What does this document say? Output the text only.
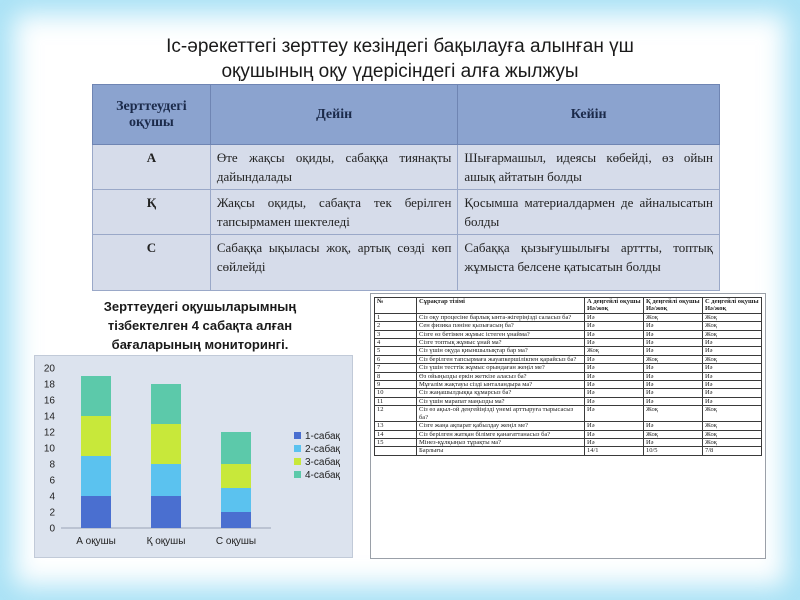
Іс-әрекеттегі зерттеу кезіндегі бақылауға алынған үш
оқушының оқу үдерісіндегі алға жылжуы
Зерттеудегі оқушы	Дейін	Кейін
А	Өте жақсы оқиды, сабаққа тиянақты дайындалады	Шығармашыл, идеясы көбейді, өз ойын ашық айтатын болды
Қ	Жақсы оқиды, сабақта тек берілген тапсырмамен шектеледі	Қосымша материалдармен де айналысатын болды
С	Сабаққа ықыласы жоқ, артық сөзді көп сөйлейді	Сабаққа қызығушылығы арттты, топтық жұмыста белсене қатысатын болды
Зерттеудегі оқушыларымның
тізбектелген 4 сабақта алған
бағаларының мониторингі.
0
2
4
6
8
10
12
14
16
18
20
А оқушы	Қ оқушы	С оқушы
1-сабақ
2-сабақ
3-сабақ
4-сабақ
№	Сұрақтар тізімі	А деңгейлі оқушы Иә/жоқ	Қ деңгейлі оқушы Иә/жоқ	С деңгейлі оқушы Иә/жоқ
1	Сіз оқу процесіне барлық ынта-жігеріңізді саласыз ба?	Иә	Жоқ	Жоқ
2	Сен физика пәніне қызығасың ба?	Иә	Иә	Жоқ
3	Сізге өз бетімен жұмыс істеген ұнайма?	Иә	Иә	Жоқ
4	Сізге топтық жұмыс ұнай ма?	Иә	Иә	Иә
5	Сіз үшін оқуда қиыншылықтар бар ма?	Жоқ	Иә	Иә
6	Сіз берілген тапсырмаға жауапкершілікпен қарайсыз ба?	Иә	Жоқ	Жоқ
7	Сіз үшін тесттік жұмыс орындаған жеңіл ме?	Иә	Иә	Иә
8	Өз ойыңызды еркін жеткізе аласыз ба?	Иә	Иә	Иә
9	Мұғалім жақтауы сізді ынталандыра ма?	Иә	Иә	Иә
10	Сіз жаңашылдыққа құмарсыз ба?	Иә	Иә	Иә
11	Сіз үшін марапат маңызды ма?	Иә	Иә	Иә
12	Сіз өз ақыл-ой деңгейіңізді үнемі арттыруға тырысасыз ба?	Иә	Жоқ	Жоқ
13	Сізге жаңа ақпарат қабылдау жеңіл ме?	Иә	Иә	Жоқ
14	Сіз берілген жатқан білімге қанағаттанасыз ба?	Иә	Жоқ	Жоқ
15	Мінез-құлқыңыз тұрақты ма?	Иә	Иә	Жоқ
	Барлығы	14/1	10/5	7/8
